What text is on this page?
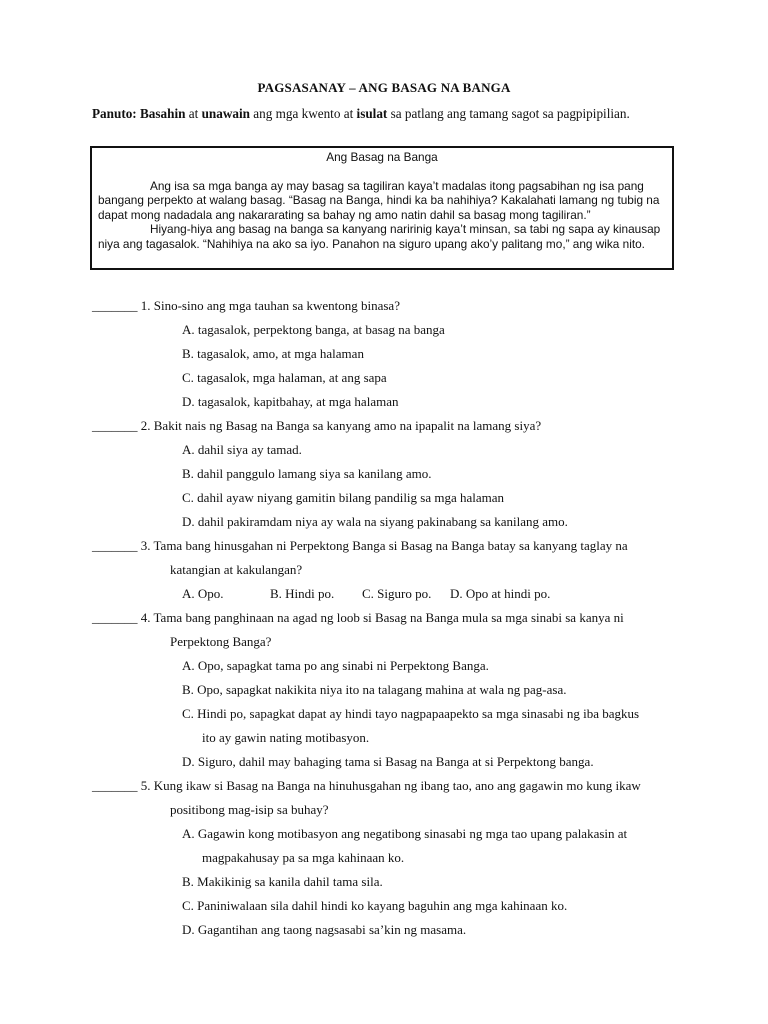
PAGSASANAY – ANG BASAG NA BANGA
Panuto: Basahin at unawain ang mga kwento at isulat sa patlang ang tamang sagot sa pagpipipilian.
Ang Basag na Banga

Ang isa sa mga banga ay may basag sa tagiliran kaya’t madalas itong pagsabihan ng isa pang bangang perpekto at walang basag. “Basag na Banga, hindi ka ba nahihiya? Kakalahati lamang ng tubig na dapat mong nadadala ang nakararating sa bahay ng amo natin dahil sa basag mong tagiliran.”

Hiyang-hiya ang basag na banga sa kanyang naririnig kaya’t minsan, sa tabi ng sapa ay kinausap niya ang tagasalok. “Nahihiya na ako sa iyo. Panahon na siguro upang ako’y palitang mo,” ang wika nito.

_______ 1. Sino-sino ang mga tauhan sa kwentong binasa?
A. tagasalok, perpektong banga, at basag na banga
B. tagasalok, amo, at mga halaman
C. tagasalok, mga halaman, at ang sapa
D. tagasalok, kapitbahay, at mga halaman
_______ 2. Bakit nais ng Basag na Banga sa kanyang amo na ipapalit na lamang siya?
A. dahil siya ay tamad.
B. dahil panggulo lamang siya sa kanilang amo.
C. dahil ayaw niyang gamitin bilang pandilig sa mga halaman
D. dahil pakiramdam niya ay wala na siyang pakinabang sa kanilang amo.
_______ 3. Tama bang hinusgahan ni Perpektong Banga si Basag na Banga batay sa kanyang taglay na
katangian at kakulangan?
A. Opo.	B. Hindi po. C. Siguro po. D. Opo at hindi po.
_______ 4. Tama bang panghinaan na agad ng loob si Basag na Banga mula sa mga sinabi sa kanya ni
Perpektong Banga?
A. Opo, sapagkat tama po ang sinabi ni Perpektong Banga.
B. Opo, sapagkat nakikita niya ito na talagang mahina at wala ng pag-asa.
C. Hindi po, sapagkat dapat ay hindi tayo nagpapaapekto sa mga sinasabi ng iba bagkus
ito ay gawin nating motibasyon.
D. Siguro, dahil may bahaging tama si Basag na Banga at si Perpektong banga.
_______ 5. Kung ikaw si Basag na Banga na hinuhusgahan ng ibang tao, ano ang gagawin mo kung ikaw
positibong mag-isip sa buhay?
A. Gagawin kong motibasyon ang negatibong sinasabi ng mga tao upang palakasin at
magpakahusay pa sa mga kahinaan ko.
B. Makikinig sa kanila dahil tama sila.
C. Paniniwalaan sila dahil hindi ko kayang baguhin ang mga kahinaan ko.
D. Gagantihan ang taong nagsasabi sa’kin ng masama.
